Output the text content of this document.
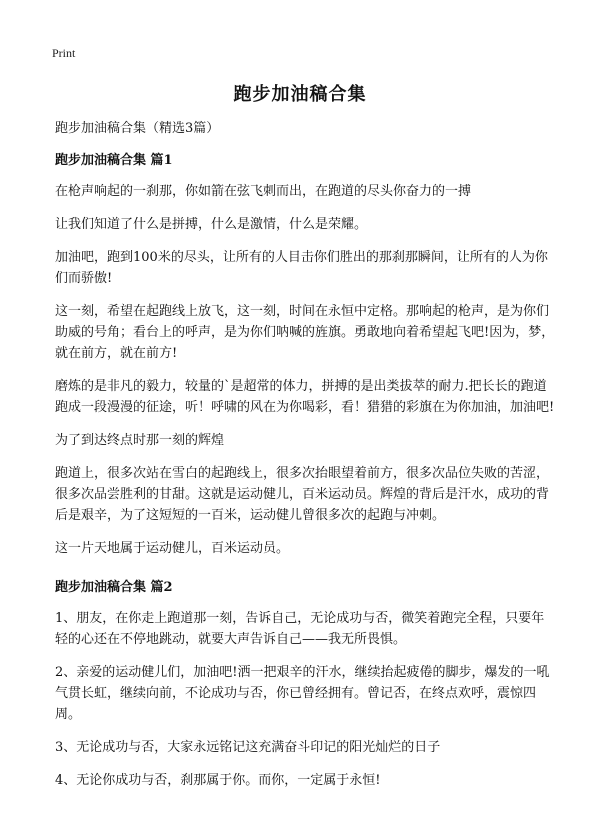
Print
跑步加油稿合集

跑步加油稿合集（精选3篇）

跑步加油稿合集 篇1

在枪声响起的一刹那，你如箭在弦飞刺而出，在跑道的尽头你奋力的一搏

让我们知道了什么是拼搏，什么是激情，什么是荣耀。

加油吧，跑到100米的尽头，让所有的人目击你们胜出的那刹那瞬间，让所有的人为你们而骄傲!

这一刻，希望在起跑线上放飞，这一刻，时间在永恒中定格。那响起的枪声，是为你们助威的号角；看台上的呼声，是为你们呐喊的旌旗。勇敢地向着希望起飞吧!因为，梦，就在前方，就在前方!

磨炼的是非凡的毅力，较量的`是超常的体力，拼搏的是出类拔萃的耐力.把长长的跑道跑成一段漫漫的征途，听！呼啸的风在为你喝彩，看！猎猎的彩旗在为你加油，加油吧!

为了到达终点时那一刻的辉煌

跑道上，很多次站在雪白的起跑线上，很多次抬眼望着前方，很多次品位失败的苦涩，很多次品尝胜利的甘甜。这就是运动健儿，百米运动员。辉煌的背后是汗水，成功的背后是艰辛，为了这短短的一百米，运动健儿曾很多次的起跑与冲刺。

这一片天地属于运动健儿，百米运动员。

跑步加油稿合集 篇2

1、朋友，在你走上跑道那一刻，告诉自己，无论成功与否，微笑着跑完全程，只要年轻的心还在不停地跳动，就要大声告诉自己——我无所畏惧。

2、亲爱的运动健儿们，加油吧!洒一把艰辛的汗水，继续抬起疲倦的脚步，爆发的一吼气贯长虹，继续向前，不论成功与否，你已曾经拥有。曾记否，在终点欢呼，震惊四周。

3、无论成功与否，大家永远铭记这充满奋斗印记的阳光灿烂的日子

4、无论你成功与否，刹那属于你。而你，一定属于永恒!
